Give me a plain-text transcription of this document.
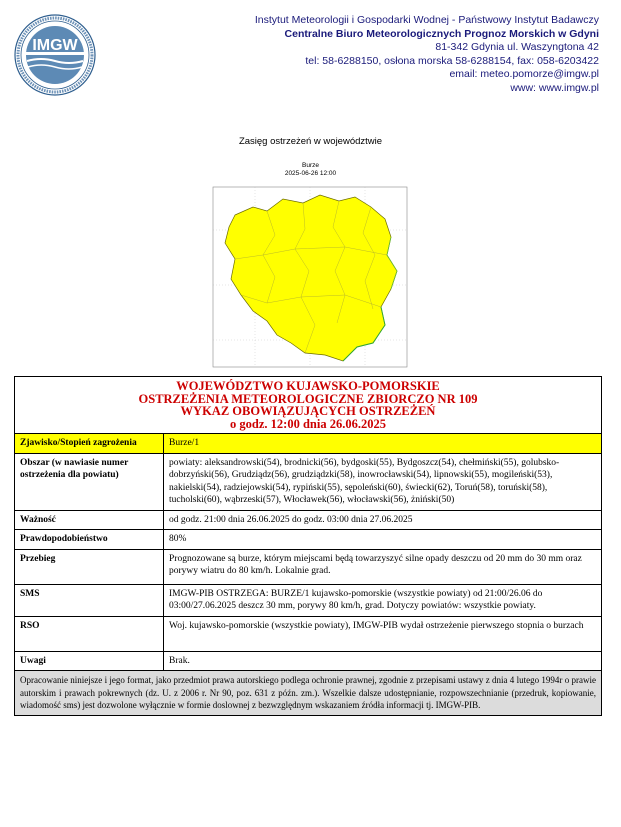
IMGW
Instytut Meteorologii i Gospodarki Wodnej - Państwowy Instytut Badawczy
Centralne Biuro Meteorologicznych Prognoz Morskich w Gdyni
81-342 Gdynia ul. Waszyngtona 42
tel: 58-6288150, osłona morska 58-6288154, fax: 058-6203422
email: meteo.pomorze@imgw.pl
www: www.imgw.pl
Zasięg ostrzeżeń w województwie
Burze
2025-06-26 12:00
WOJEWÓDZTWO KUJAWSKO-POMORSKIE
OSTRZEŻENIA METEOROLOGICZNE ZBIORCZO NR 109
WYKAZ OBOWIĄZUJĄCYCH OSTRZEŻEŃ
o godz. 12:00 dnia 26.06.2025	

Zjawisko/Stopień zagrożenia	Burze/1
Obszar (w nawiasie numer ostrzeżenia dla powiatu)	powiaty: aleksandrowski(54), brodnicki(56), bydgoski(55), Bydgoszcz(54), chełmiński(55), golubsko-dobrzyński(56), Grudziądz(56), grudziądzki(58), inowrocławski(54), lipnowski(55), mogileński(53), nakielski(54), radziejowski(54), rypiński(55), sępoleński(60), świecki(62), Toruń(58), toruński(58), tucholski(60), wąbrzeski(57), Włocławek(56), włocławski(56), żniński(50)
Ważność	od godz. 21:00 dnia 26.06.2025 do godz. 03:00 dnia 27.06.2025
Prawdopodobieństwo	80%
Przebieg	Prognozowane są burze, którym miejscami będą towarzyszyć silne opady deszczu od 20 mm do 30 mm oraz porywy wiatru do 80 km/h. Lokalnie grad.
SMS	IMGW-PIB OSTRZEGA: BURZE/1 kujawsko-pomorskie (wszystkie powiaty) od 21:00/26.06 do 03:00/27.06.2025 deszcz 30 mm, porywy 80 km/h, grad. Dotyczy powiatów: wszystkie powiaty.
RSO	Woj. kujawsko-pomorskie (wszystkie powiaty), IMGW-PIB wydał ostrzeżenie pierwszego stopnia o burzach
Uwagi	Brak.
Opracowanie niniejsze i jego format, jako przedmiot prawa autorskiego podlega ochronie prawnej, zgodnie z przepisami ustawy z dnia 4 lutego 1994r o prawie autorskim i prawach pokrewnych (dz. U. z 2006 r. Nr 90, poz. 631 z późn. zm.). Wszelkie dalsze udostępnianie, rozpowszechnianie (przedruk, kopiowanie, wiadomość sms) jest dozwolone wyłącznie w formie doslownej z bezwzględnym wskazaniem źródła informacji tj. IMGW-PIB.	
